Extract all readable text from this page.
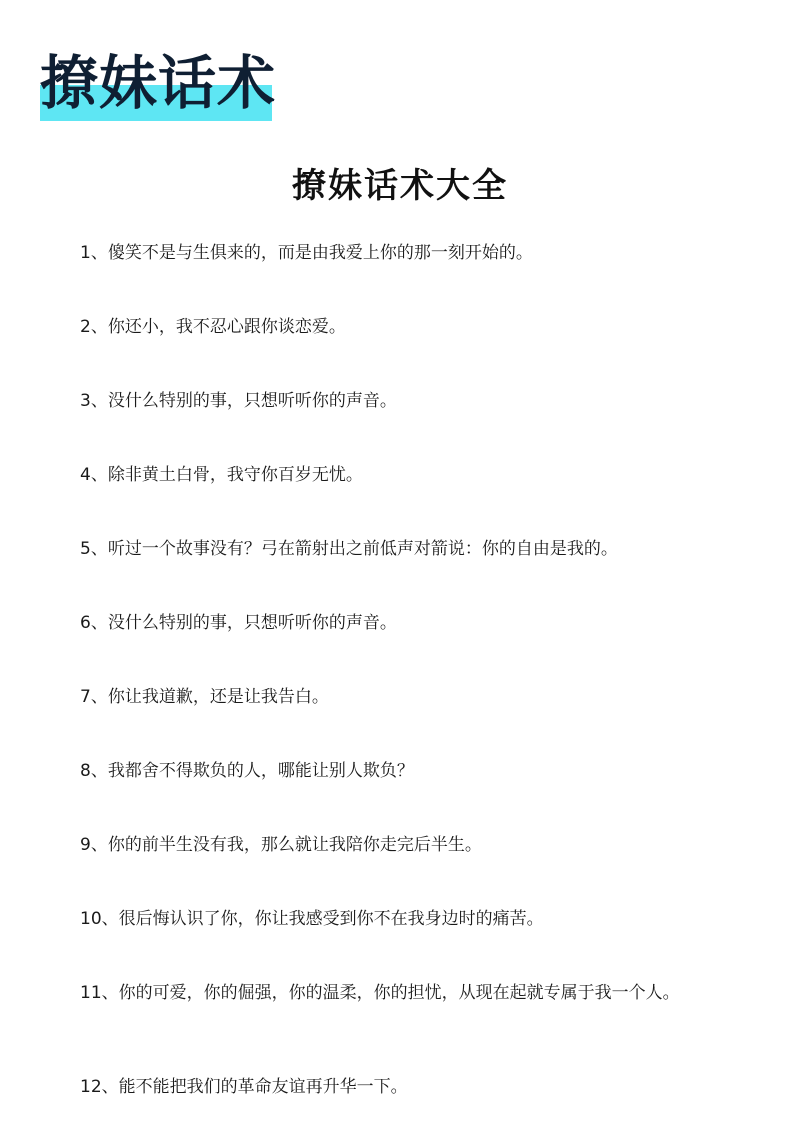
撩妹话术
撩妹话术大全
1、傻笑不是与生俱来的，而是由我爱上你的那一刻开始的。
2、你还小，我不忍心跟你谈恋爱。
3、没什么特别的事，只想听听你的声音。
4、除非黄土白骨，我守你百岁无忧。
5、听过一个故事没有？弓在箭射出之前低声对箭说：你的自由是我的。
6、没什么特别的事，只想听听你的声音。
7、你让我道歉，还是让我告白。
8、我都舍不得欺负的人，哪能让别人欺负？
9、你的前半生没有我，那么就让我陪你走完后半生。
10、很后悔认识了你，你让我感受到你不在我身边时的痛苦。
11、你的可爱，你的倔强，你的温柔，你的担忧，从现在起就专属于我一个人。
12、能不能把我们的革命友谊再升华一下。
